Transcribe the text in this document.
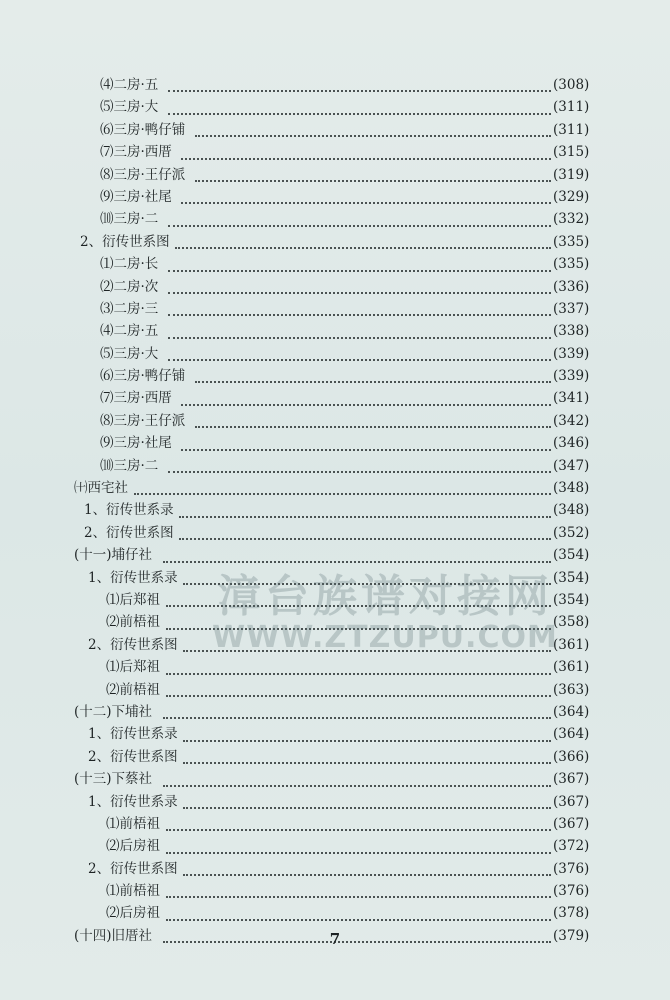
⑷二房·五	(308)
⑸三房·大	(311)
⑹三房·鸭仔铺	(311)
⑺三房·西厝	(315)
⑻三房·王仔派	(319)
⑼三房·社尾	(329)
⑽三房·二	(332)
2、衍传世系图	(335)
⑴二房·长	(335)
⑵二房·次	(336)
⑶二房·三	(337)
⑷二房·五	(338)
⑸三房·大	(339)
⑹三房·鸭仔铺	(339)
⑺三房·西厝	(341)
⑻三房·王仔派	(342)
⑼三房·社尾	(346)
⑽三房·二	(347)
㈩西宅社	(348)
1、衍传世系录	(348)
2、衍传世系图	(352)
(十一)埔仔社	(354)
1、衍传世系录	(354)
⑴后郑祖	(354)
⑵前梧祖	(358)
2、衍传世系图	(361)
⑴后郑祖	(361)
⑵前梧祖	(363)
(十二)下埔社	(364)
1、衍传世系录	(364)
2、衍传世系图	(366)
(十三)下蔡社	(367)
1、衍传世系录	(367)
⑴前梧祖	(367)
⑵后房祖	(372)
2、衍传世系图	(376)
⑴前梧祖	(376)
⑵后房祖	(378)
(十四)旧厝社	(379)
漳台族谱对接网
WWW.ZTZUPU.COM
7
